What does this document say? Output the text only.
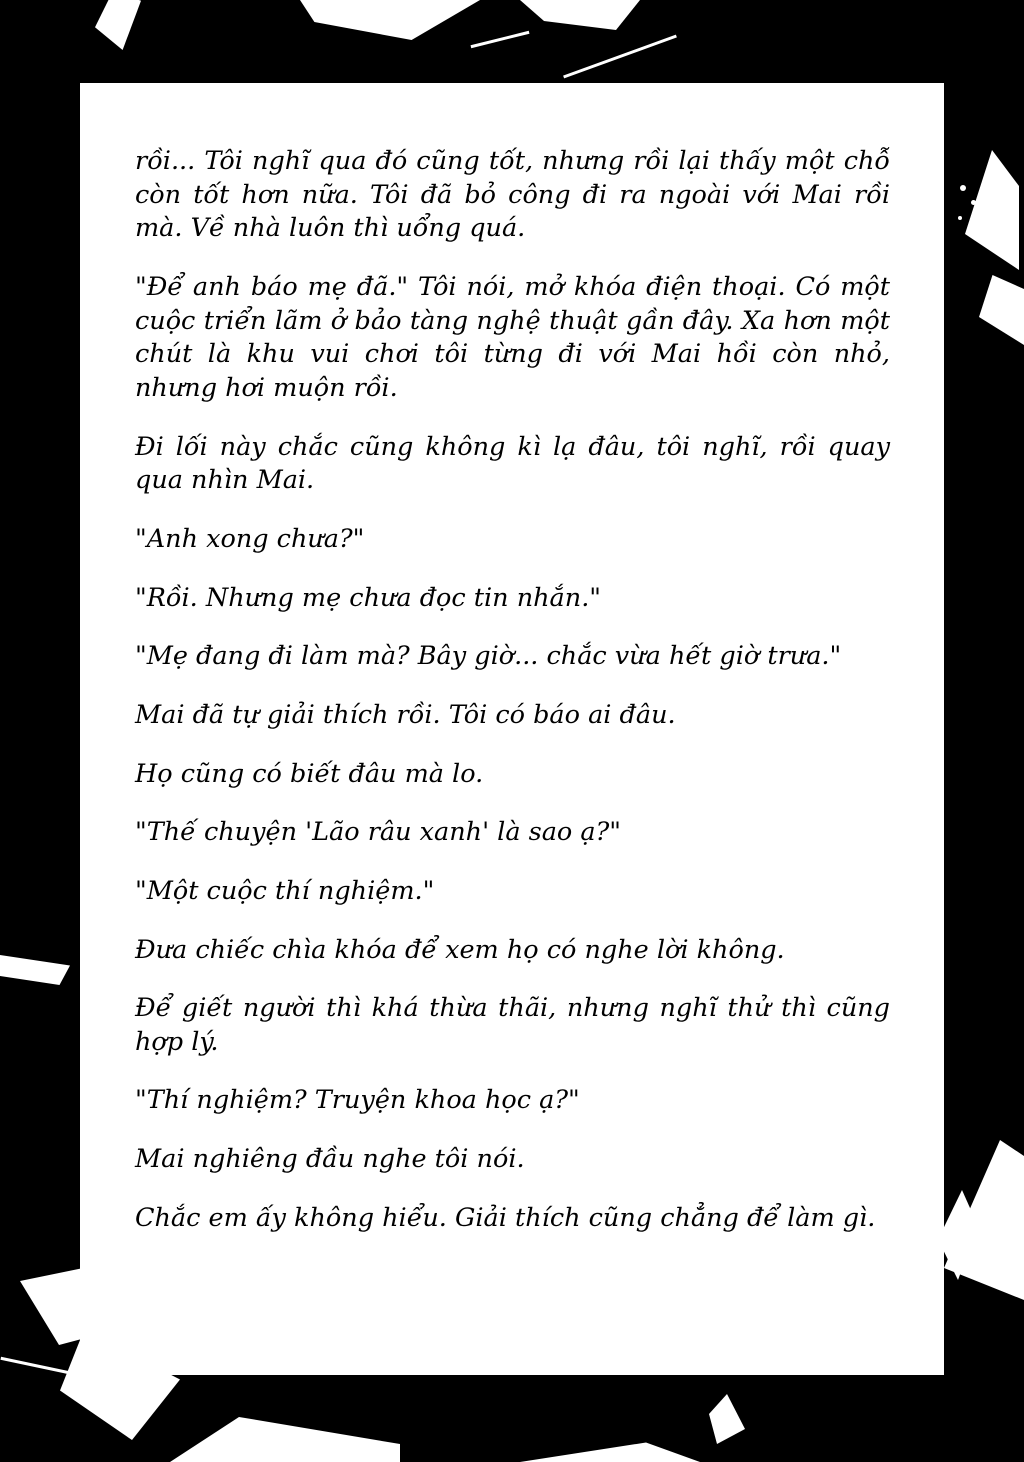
rồi... Tôi nghĩ qua đó cũng tốt, nhưng rồi lại thấy một chỗ còn tốt hơn nữa. Tôi đã bỏ công đi ra ngoài với Mai rồi mà. Về nhà luôn thì uổng quá.

"Để anh báo mẹ đã." Tôi nói, mở khóa điện thoại. Có một cuộc triển lãm ở bảo tàng nghệ thuật gần đây. Xa hơn một chút là khu vui chơi tôi từng đi với Mai hồi còn nhỏ, nhưng hơi muộn rồi.

Đi lối này chắc cũng không kì lạ đâu, tôi nghĩ, rồi quay qua nhìn Mai.

"Anh xong chưa?"

"Rồi. Nhưng mẹ chưa đọc tin nhắn."

"Mẹ đang đi làm mà? Bây giờ... chắc vừa hết giờ trưa."

Mai đã tự giải thích rồi. Tôi có báo ai đâu.

Họ cũng có biết đâu mà lo.

"Thế chuyện 'Lão râu xanh' là sao ạ?"

"Một cuộc thí nghiệm."

Đưa chiếc chìa khóa để xem họ có nghe lời không.

Để giết người thì khá thừa thãi, nhưng nghĩ thử thì cũng hợp lý.

"Thí nghiệm? Truyện khoa học ạ?"

Mai nghiêng đầu nghe tôi nói.

Chắc em ấy không hiểu. Giải thích cũng chẳng để làm gì.
